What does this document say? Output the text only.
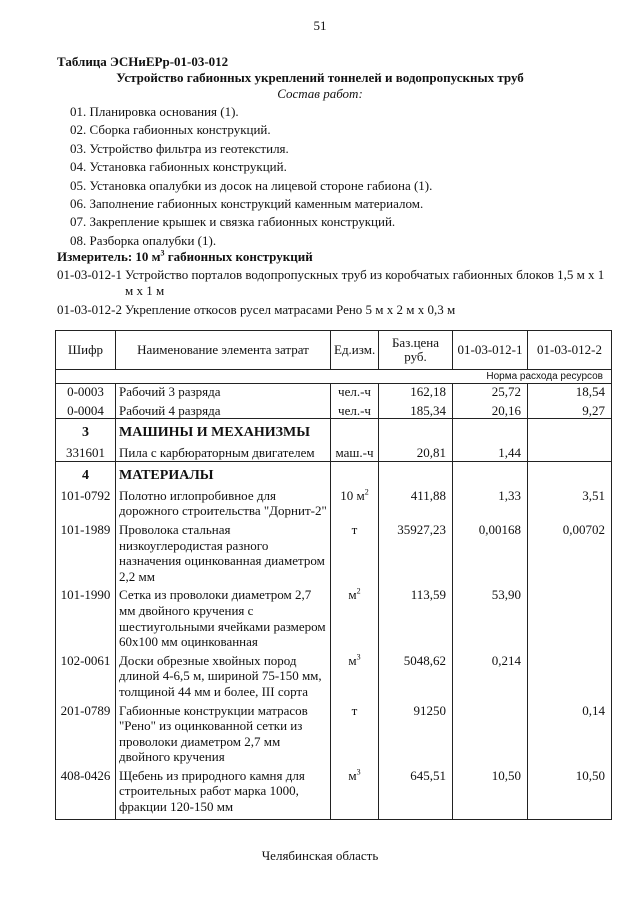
51
Таблица ЭСНиЕРр-01-03-012
Устройство габионных укреплений тоннелей и водопропускных труб
Состав работ:
01. Планировка основания (1).
02. Сборка габионных конструкций.
03. Устройство фильтра из геотекстиля.
04. Установка габионных конструкций.
05. Установка опалубки из досок на лицевой стороне габиона (1).
06. Заполнение габионных конструкций каменным материалом.
07. Закрепление крышек и связка габионных конструкций.
08. Разборка опалубки (1).
Измеритель: 10 $м^3$ габионных конструкций
01-03-012-1 Устройство порталов водопропускных труб из коробчатых габионных блоков 1,5 м х 1 м х 1 м
01-03-012-2 Укрепление откосов русел матрасами Рено 5 м х 2 м х 0,3 м
Шифр	Наименование элемента затрат	Ед.изм.	Баз.цена руб.	01-03-012-1	01-03-012-2
Норма расхода ресурсов					
0-0003	Рабочий 3 разряда	чел.-ч	162,18	25,72	18,54
0-0004	Рабочий 4 разряда	чел.-ч	185,34	20,16	9,27
3	МАШИНЫ И МЕХАНИЗМЫ				
331601	Пила с карбюраторным двигателем	маш.-ч	20,81	1,44	
4	МАТЕРИАЛЫ				
101-0792	Полотно иглопробивное для дорожного строительства "Дорнит-2"	10 $м^2$	411,88	1,33	3,51
101-1989	Проволока стальная низкоуглеродистая разного назначения оцинкованная диаметром 2,2 мм	т	35927,23	0,00168	0,00702
101-1990	Сетка из проволоки диаметром 2,7 мм двойного кручения с шестиугольными ячейками размером 60х100 мм оцинкованная	$м^2$	113,59	53,90	
102-0061	Доски обрезные хвойных пород длиной 4-6,5 м, шириной 75-150 мм, толщиной 44 мм и более, III сорта	$м^3$	5048,62	0,214	
201-0789	Габионные конструкции матрасов "Рено" из оцинкованной сетки из проволоки диаметром 2,7 мм двойного кручения	т	91250		0,14
408-0426	Щебень из природного камня для строительных работ марка 1000, фракции 120-150 мм	$м^3$	645,51	10,50	10,50
Челябинская область
